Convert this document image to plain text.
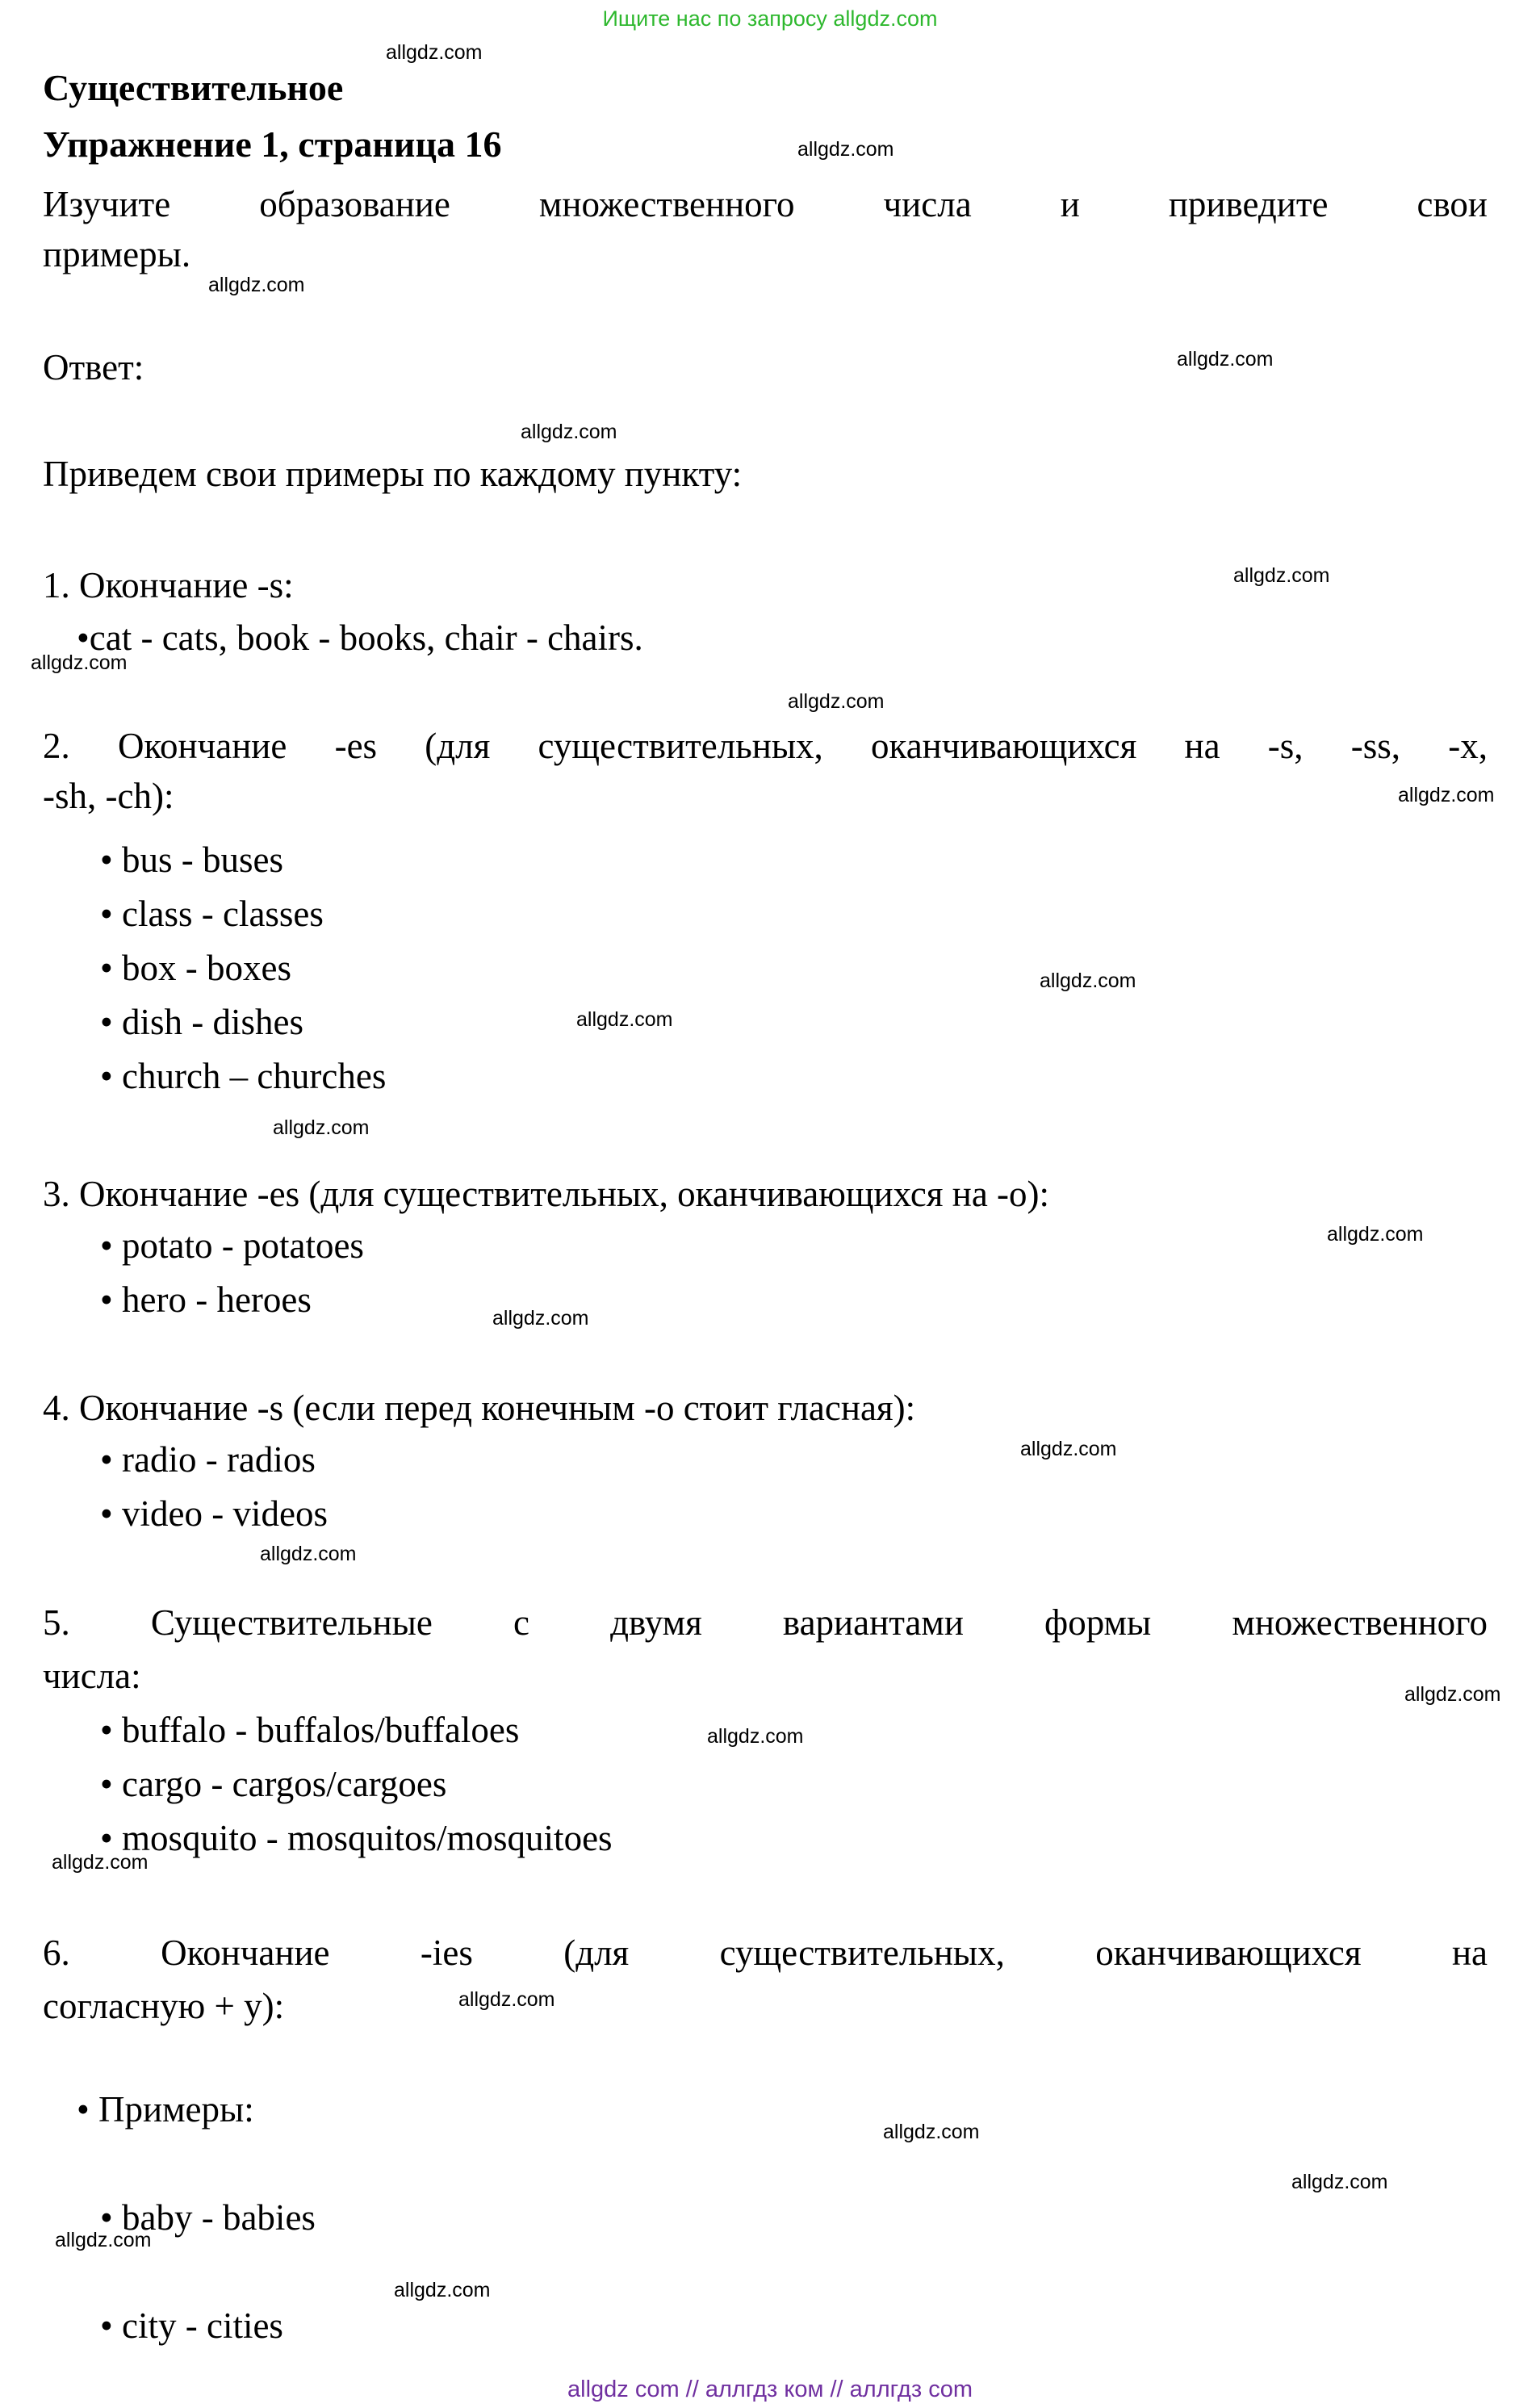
Ищите нас по запросу allgdz.com
Существительное
Упражнение 1, страница 16
Изучите образование множественного числа и приведите свои
примеры.
Ответ:
Приведем свои примеры по каждому пункту:
1. Окончание -s:
•cat - cats, book - books, chair - chairs.
2. Окончание -es (для существительных, оканчивающихся на -s, -ss, -x,
-sh, -ch):
• bus - buses
• class - classes
• box - boxes
• dish - dishes
• church – churches
3. Окончание -es (для существительных, оканчивающихся на -o):
• potato - potatoes
• hero - heroes
4. Окончание -s (если перед конечным -o стоит гласная):
• radio - radios
• video - videos
5. Существительные с двумя вариантами формы множественного
числа:
• buffalo - buffalos/buffaloes
• cargo - cargos/cargoes
• mosquito - mosquitos/mosquitoes
6. Окончание -ies (для существительных, оканчивающихся на
согласную + y):
• Примеры:
• baby - babies
• city - cities
allgdz.com
allgdz.com
allgdz.com
allgdz.com
allgdz.com
allgdz.com
allgdz.com
allgdz.com
allgdz.com
allgdz.com
allgdz.com
allgdz.com
allgdz.com
allgdz.com
allgdz.com
allgdz.com
allgdz.com
allgdz.com
allgdz.com
allgdz.com
allgdz.com
allgdz.com
allgdz.com
allgdz.com
allgdz com // аллгдз ком // аллгдз com
